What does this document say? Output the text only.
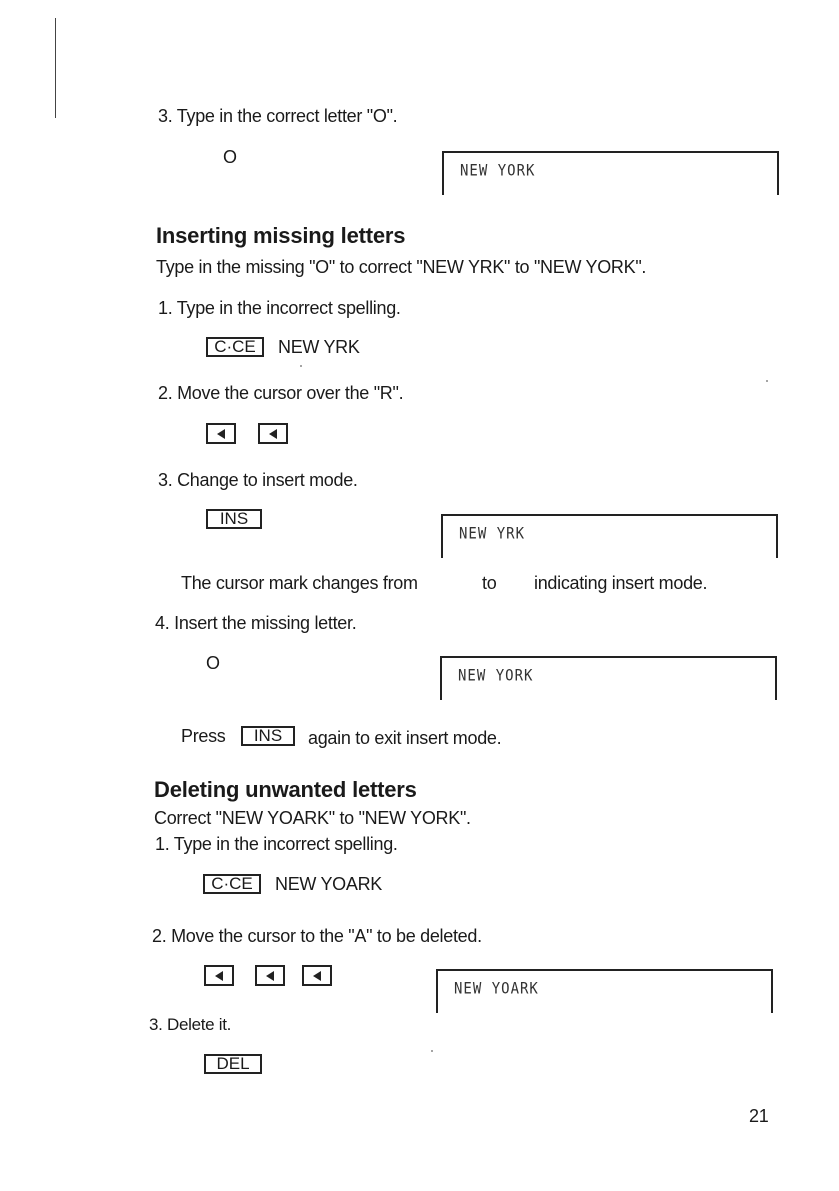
3. Type in the correct letter "O".
O
NEW YORK
Inserting missing letters
Type in the missing "O" to correct "NEW YRK" to "NEW YORK".
1. Type in the incorrect spelling.
C·CE	NEW YRK
2. Move the cursor over the "R".
3. Change to insert mode.
INS
NEW YRK
The cursor mark changes from	to indicating insert mode.
4. Insert the missing letter.
O
NEW YORK
Press	INS	again to exit insert mode.
Deleting unwanted letters
Correct "NEW YOARK" to "NEW YORK".
1. Type in the incorrect spelling.
C·CE	NEW YOARK
2. Move the cursor to the "A" to be deleted.
NEW YOARK
3. Delete it.
DEL
21
